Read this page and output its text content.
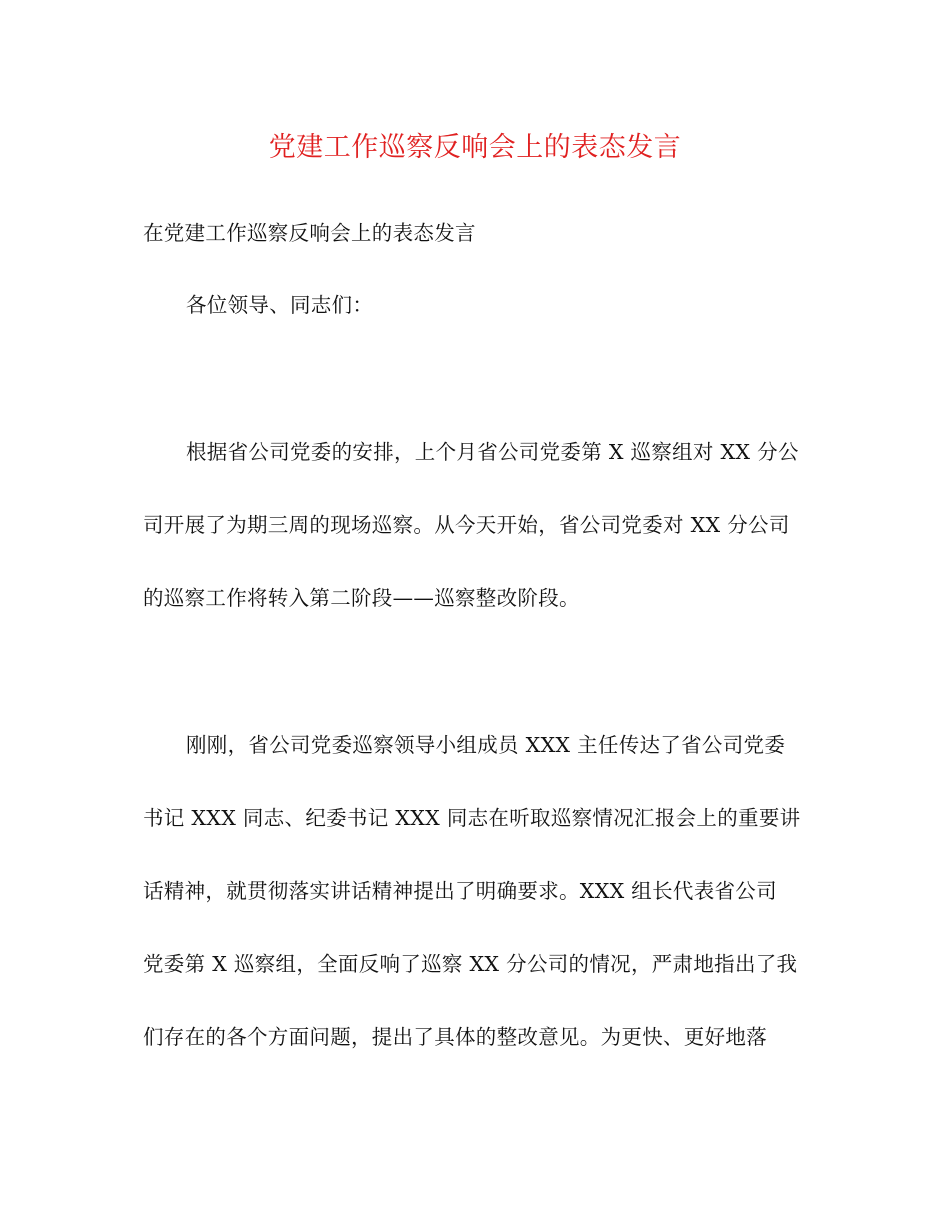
党建工作巡察反响会上的表态发言
在党建工作巡察反响会上的表态发言
各位领导、同志们：
根据省公司党委的安排，上个月省公司党委第 X 巡察组对 XX 分公
司开展了为期三周的现场巡察。从今天开始，省公司党委对 XX 分公司
的巡察工作将转入第二阶段——巡察整改阶段。
刚刚，省公司党委巡察领导小组成员 XXX 主任传达了省公司党委
书记 XXX 同志、纪委书记 XXX 同志在听取巡察情况汇报会上的重要讲
话精神，就贯彻落实讲话精神提出了明确要求。XXX 组长代表省公司
党委第 X 巡察组，全面反响了巡察 XX 分公司的情况，严肃地指出了我
们存在的各个方面问题，提出了具体的整改意见。为更快、更好地落
